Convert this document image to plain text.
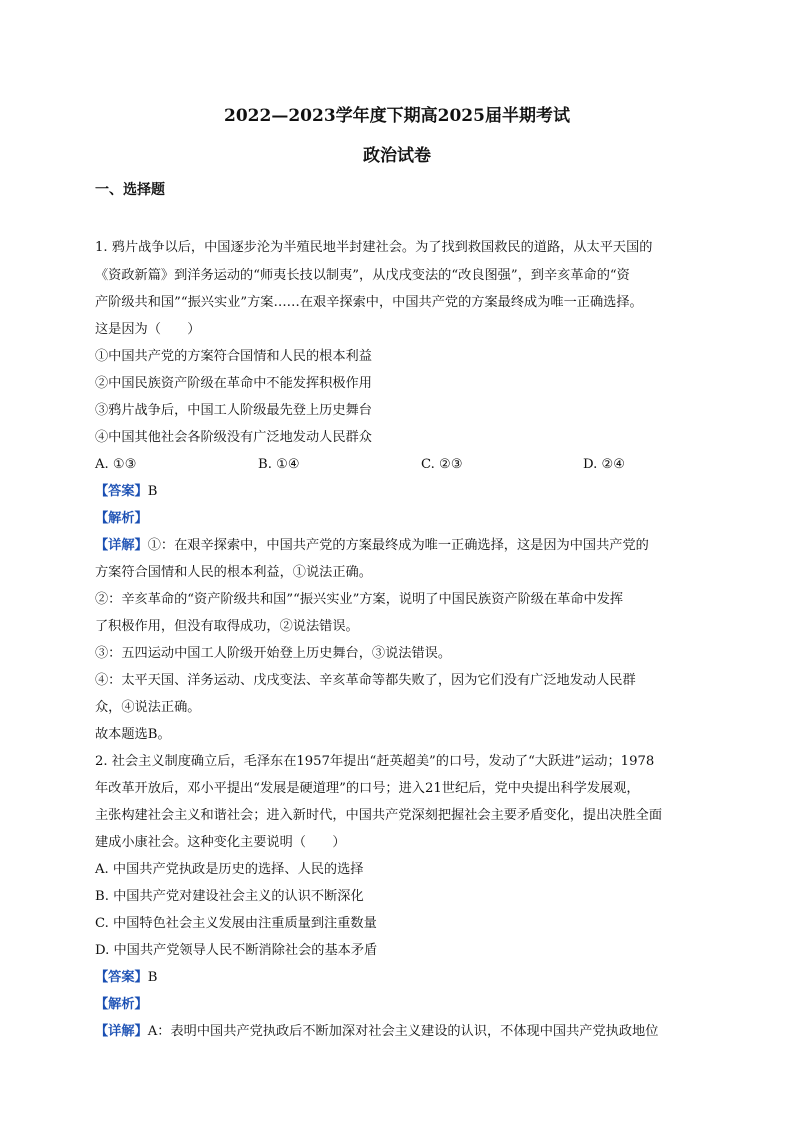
2022—2023学年度下期高2025届半期考试
政治试卷
一、选择题
1. 鸦片战争以后，中国逐步沦为半殖民地半封建社会。为了找到救国救民的道路，从太平天国的
《资政新篇》到洋务运动的“师夷长技以制夷”，从戊戌变法的“改良图强”，到辛亥革命的“资
产阶级共和国”“振兴实业”方案……在艰辛探索中，中国共产党的方案最终成为唯一正确选择。
这是因为（　　）
①中国共产党的方案符合国情和人民的根本利益
②中国民族资产阶级在革命中不能发挥积极作用
③鸦片战争后，中国工人阶级最先登上历史舞台
④中国其他社会各阶级没有广泛地发动人民群众
A. ①③	B. ①④	C. ②③	D. ②④
【答案】B
【解析】
【详解】①：在艰辛探索中，中国共产党的方案最终成为唯一正确选择，这是因为中国共产党的
方案符合国情和人民的根本利益，①说法正确。
②：辛亥革命的“资产阶级共和国”“振兴实业”方案，说明了中国民族资产阶级在革命中发挥
了积极作用，但没有取得成功，②说法错误。
③：五四运动中国工人阶级开始登上历史舞台，③说法错误。
④：太平天国、洋务运动、戊戌变法、辛亥革命等都失败了，因为它们没有广泛地发动人民群
众，④说法正确。
故本题选B。
2. 社会主义制度确立后，毛泽东在1957年提出“赶英超美”的口号，发动了“大跃进”运动；1978
年改革开放后，邓小平提出“发展是硬道理”的口号；进入21世纪后，党中央提出科学发展观，
主张构建社会主义和谐社会；进入新时代，中国共产党深刻把握社会主要矛盾变化，提出决胜全面
建成小康社会。这种变化主要说明（　　）
A. 中国共产党执政是历史的选择、人民的选择
B. 中国共产党对建设社会主义的认识不断深化
C. 中国特色社会主义发展由注重质量到注重数量
D. 中国共产党领导人民不断消除社会的基本矛盾
【答案】B
【解析】
【详解】A：表明中国共产党执政后不断加深对社会主义建设的认识，不体现中国共产党执政地位
